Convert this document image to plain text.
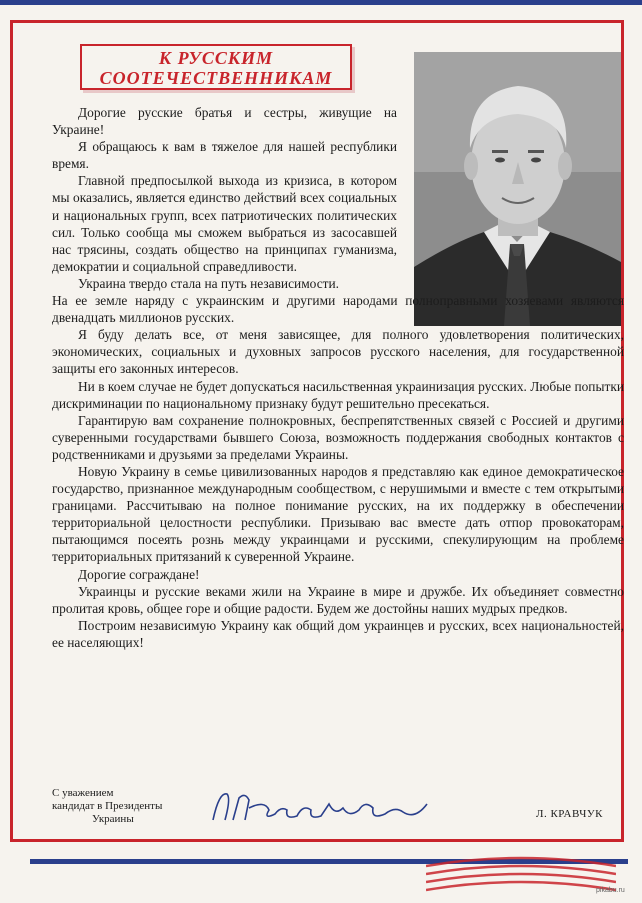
К РУССКИМ
СООТЕЧЕСТВЕННИКАМ

Дорогие русские братья и сестры, живущие на Украине!

Я обращаюсь к вам в тяжелое для нашей республики время.

Главной предпосылкой выхода из кризиса, в котором мы оказались, является единство действий всех социальных и национальных групп, всех патриотических политических сил. Только сообща мы сможем выбраться из засосавшей нас трясины, создать общество на принципах гуманизма, демократии и социальной справедливости.

Украина твердо стала на путь независимости.

На ее земле наряду с украинским и другими народами полноправными хозяевами являются двенадцать миллионов русских.

Я буду делать все, от меня зависящее, для полного удовлетворения политических, экономических, социальных и духовных запросов русского населения, для государственной защиты его законных интересов.

Ни в коем случае не будет допускаться насильственная украинизация русских. Любые попытки дискриминации по национальному признаку будут решительно пресекаться.

Гарантирую вам сохранение полнокровных, беспрепятственных связей с Россией и другими суверенными государствами бывшего Союза, возможность поддержания свободных контактов с родственниками и друзьями за пределами Украины.

Новую Украину в семье цивилизованных народов я представляю как единое демократическое государство, признанное международным сообществом, с нерушимыми и вместе с тем открытыми границами. Рассчитываю на полное понимание русских, на их поддержку в обеспечении территориальной целостности республики. Призываю вас вместе дать отпор провокаторам, пытающимся посеять рознь между украинцами и русскими, спекулирующим на проблеме территориальных притязаний к суверенной Украине.

Дорогие сограждане!

Украинцы и русские веками жили на Украине в мире и дружбе. Их объединяет совместно пролитая кровь, общее горе и общие радости. Будем же достойны наших мудрых предков.

Построим независимую Украину как общий дом украинцев и русских, всех национальностей, ее населяющих!

С уважением
кандидат в Президенты
Украины	Л. КРАВЧУК
pikabu.ru
